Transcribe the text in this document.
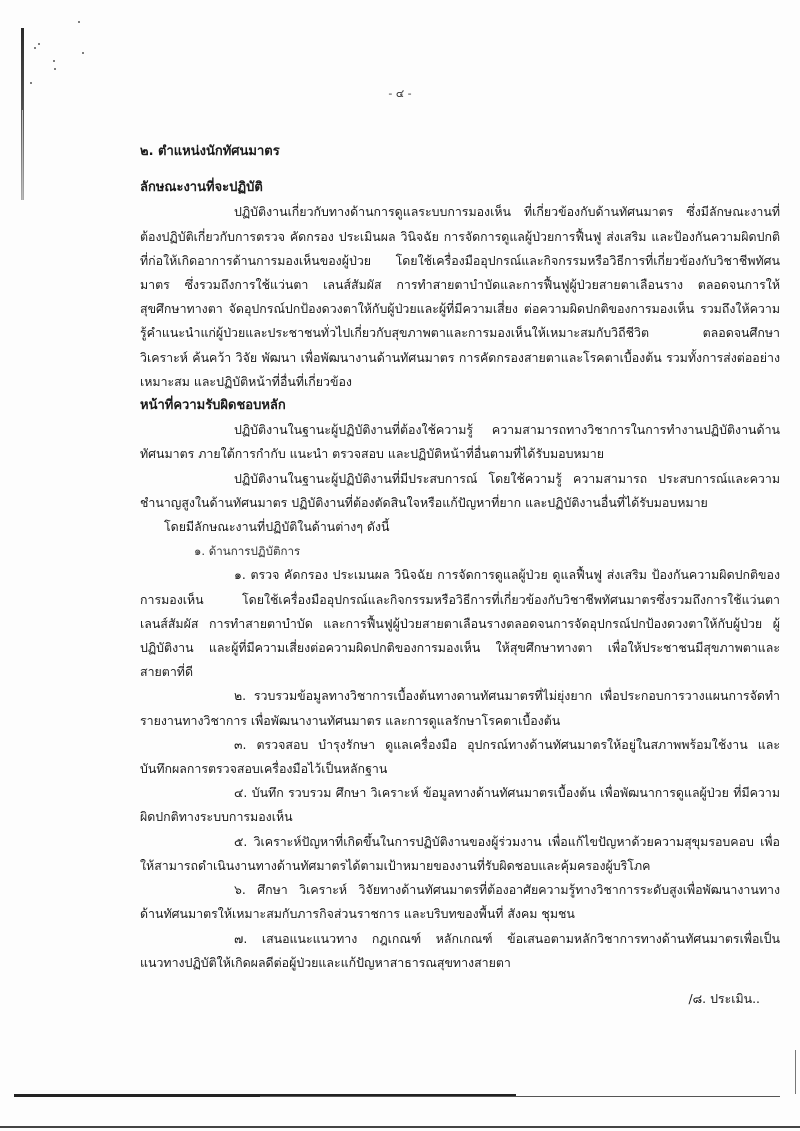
- ๔ -
๒. ตำแหน่งนักทัศนมาตร
ลักษณะงานที่จะปฏิบัติ
ปฏิบัติงานเกี่ยวกับทางด้านการดูแลระบบการมองเห็น ที่เกี่ยวข้องกับด้านทัศนมาตร ซึ่งมีลักษณะงานที่ต้องปฏิบัติเกี่ยวกับการตรวจ คัดกรอง ประเมินผล วินิจฉัย การจัดการดูแลผู้ป่วยการฟื้นฟู ส่งเสริม และป้องกันความผิดปกติที่ก่อให้เกิดอาการด้านการมองเห็นของผู้ป่วย โดยใช้เครื่องมืออุปกรณ์และกิจกรรมหรือวิธีการที่เกี่ยวข้องกับวิชาชีพทัศนมาตร ซึ่งรวมถึงการใช้แว่นตา เลนส์สัมผัส การทำสายตาบำบัดและการฟื้นฟูผู้ป่วยสายตาเลือนราง ตลอดจนการให้สุขศึกษาทางตา จัดอุปกรณ์ปกป้องดวงตาให้กับผู้ป่วยและผู้ที่มีความเสี่ยง ต่อความผิดปกติของการมองเห็น รวมถึงให้ความรู้คำแนะนำแก่ผู้ป่วยและประชาชนทั่วไปเกี่ยวกับสุขภาพตาและการมองเห็นให้เหมาะสมกับวิถีชีวิต ตลอดจนศึกษา วิเคราะห์ ค้นคว้า วิจัย พัฒนา เพื่อพัฒนางานด้านทัศนมาตร การคัดกรองสายตาและโรคตาเบื้องต้น รวมทั้งการส่งต่ออย่างเหมาะสม และปฏิบัติหน้าที่อื่นที่เกี่ยวข้อง
หน้าที่ความรับผิดชอบหลัก
ปฏิบัติงานในฐานะผู้ปฏิบัติงานที่ต้องใช้ความรู้ ความสามารถทางวิชาการในการทำงานปฏิบัติงานด้านทัศนมาตร ภายใต้การกำกับ แนะนำ ตรวจสอบ และปฏิบัติหน้าที่อื่นตามที่ได้รับมอบหมาย
ปฏิบัติงานในฐานะผู้ปฏิบัติงานที่มีประสบการณ์ โดยใช้ความรู้ ความสามารถ ประสบการณ์และความชำนาญสูงในด้านทัศนมาตร ปฏิบัติงานที่ต้องตัดสินใจหรือแก้ปัญหาที่ยาก และปฏิบัติงานอื่นที่ได้รับมอบหมาย
โดยมีลักษณะงานที่ปฏิบัติในด้านต่างๆ ดังนี้
๑. ด้านการปฏิบัติการ
๑. ตรวจ คัดกรอง ประเมนผล วินิจฉัย การจัดการดูแลผู้ป่วย ดูแลฟื้นฟู ส่งเสริม ป้องกันความผิดปกติของการมองเห็น โดยใช้เครื่องมืออุปกรณ์และกิจกรรมหรือวิธีการที่เกี่ยวข้องกับวิชาชีพทัศนมาตรซึ่งรวมถึงการใช้แว่นตา เลนส์สัมผัส การทำสายตาบำบัด และการฟื้นฟูผู้ป่วยสายตาเลือนรางตลอดจนการจัดอุปกรณ์ปกป้องดวงตาให้กับผู้ป่วย ผู้ปฏิบัติงาน และผู้ที่มีความเสี่ยงต่อความผิดปกติของการมองเห็น ให้สุขศึกษาทางตา เพื่อให้ประชาชนมีสุขภาพตาและสายตาที่ดี
๒. รวบรวมข้อมูลทางวิชาการเบื้องต้นทางดานทัศนมาตรที่ไม่ยุ่งยาก เพื่อประกอบการวางแผนการจัดทำรายงานทางวิชาการ เพื่อพัฒนางานทัศนมาตร และการดูแลรักษาโรคตาเบื้องต้น
๓. ตรวจสอบ บำรุงรักษา ดูแลเครื่องมือ อุปกรณ์ทางด้านทัศนมาตรให้อยู่ในสภาพพร้อมใช้งาน และบันทึกผลการตรวจสอบเครื่องมือไว้เป็นหลักฐาน
๔. บันทึก รวบรวม ศึกษา วิเคราะห์ ข้อมูลทางด้านทัศนมาตรเบื้องต้น เพื่อพัฒนาการดูแลผู้ป่วย ที่มีความผิดปกติทางระบบการมองเห็น
๕. วิเคราะห์ปัญหาที่เกิดขึ้นในการปฏิบัติงานของผู้ร่วมงาน เพื่อแก้ไขปัญหาด้วยความสุขุมรอบคอบ เพื่อให้สามารถดำเนินงานทางด้านทัศมาตรได้ตามเป้าหมายของงานที่รับผิดชอบและคุ้มครองผู้บริโภค
๖. ศึกษา วิเคราะห์ วิจัยทางด้านทัศนมาตรที่ต้องอาศัยความรู้ทางวิชาการระดับสูงเพื่อพัฒนางานทางด้านทัศนมาตรให้เหมาะสมกับภารกิจส่วนราชการ และบริบทของพื้นที่ สังคม ชุมชน
๗. เสนอแนะแนวทาง กฎเกณฑ์ หลักเกณฑ์ ข้อเสนอตามหลักวิชาการทางด้านทัศนมาตรเพื่อเป็นแนวทางปฏิบัติให้เกิดผลดีต่อผู้ป่วยและแก้ปัญหาสาธารณสุขทางสายตา
/๘. ประเมิน..
